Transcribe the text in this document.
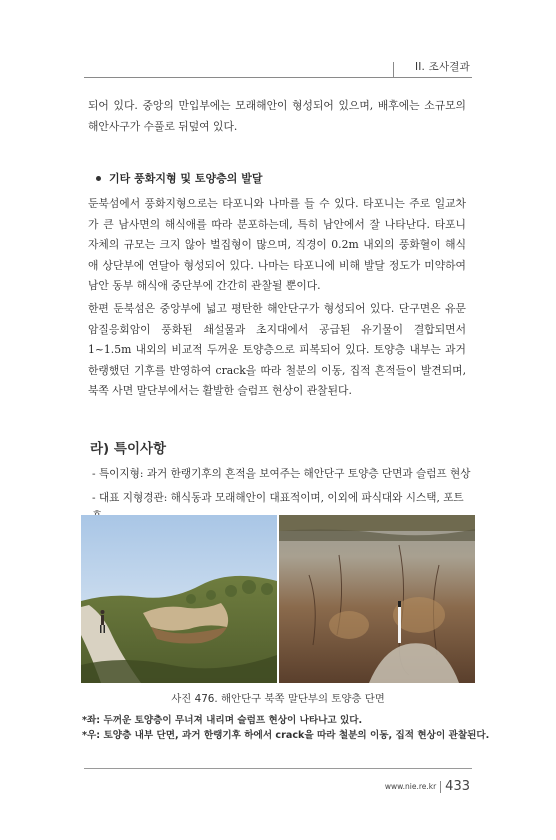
II. 조사결과
되어 있다. 중앙의 만입부에는 모래해안이 형성되어 있으며, 배후에는 소규모의 해안사구가 수풀로 뒤덮여 있다.
기타 풍화지형 및 토양층의 발달
둔북섬에서 풍화지형으로는 타포니와 나마를 들 수 있다. 타포니는 주로 일교차가 큰 남사면의 해식애를 따라 분포하는데, 특히 남안에서 잘 나타난다. 타포니 자체의 규모는 크지 않아 벌집형이 많으며, 직경이 0.2m 내외의 풍화혈이 해식애 상단부에 연달아 형성되어 있다. 나마는 타포니에 비해 발달 정도가 미약하여 남안 동부 해식애 중단부에 간간히 관찰될 뿐이다.
한편 둔북섬은 중앙부에 넓고 평탄한 해안단구가 형성되어 있다. 단구면은 유문암질응회암이 풍화된 쇄설물과 초지대에서 공급된 유기물이 결합되면서 1~1.5m 내외의 비교적 두꺼운 토양층으로 피복되어 있다. 토양층 내부는 과거 한랭했던 기후를 반영하여 crack을 따라 철분의 이동, 집적 흔적들이 발견되며, 북쪽 사면 말단부에서는 활발한 슬럼프 현상이 관찰된다.
라) 특이사항
- 특이지형: 과거 한랭기후의 흔적을 보여주는 해안단구 토양층 단면과 슬럼프 현상
- 대표 지형경관: 해식동과 모래해안이 대표적이며, 이외에 파식대와 시스택, 포트
사진 476. 해안단구 북쪽 말단부의 토양층 단면
*좌: 두꺼운 토양층이 무너져 내리며 슬럼프 현상이 나타나고 있다.
*우: 토양층 내부 단면, 과거 한랭기후 하에서 crack을 따라 철분의 이동, 집적 현상이 관찰된다.
www.nie.re.kr 433
